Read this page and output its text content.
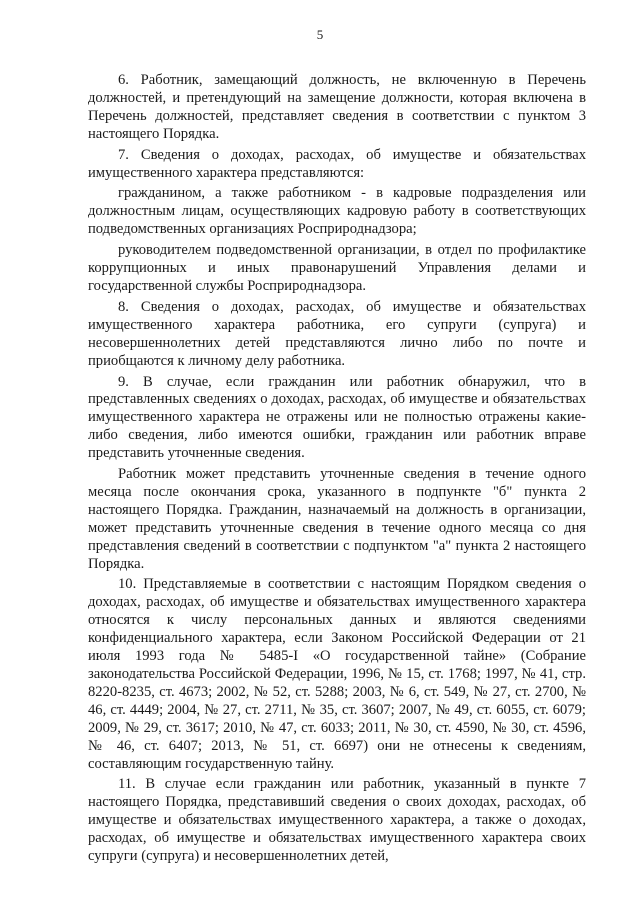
5

6. Работник, замещающий должность, не включенную в Перечень должностей, и претендующий на замещение должности, которая включена в Перечень должностей, представляет сведения в соответствии с пунктом 3 настоящего Порядка.

7. Сведения о доходах, расходах, об имуществе и обязательствах имущественного характера представляются:

гражданином, а также работником - в кадровые подразделения или должностным лицам, осуществляющих кадровую работу в соответствующих подведомственных организациях Росприроднадзора;

руководителем подведомственной организации, в отдел по профилактике коррупционных и иных правонарушений Управления делами и государственной службы Росприроднадзора.

8. Сведения о доходах, расходах, об имуществе и обязательствах имущественного характера работника, его супруги (супруга) и несовершеннолетних детей представляются лично либо по почте и приобщаются к личному делу работника.

9. В случае, если гражданин или работник обнаружил, что в представленных сведениях о доходах, расходах, об имуществе и обязательствах имущественного характера не отражены или не полностью отражены какие-либо сведения, либо имеются ошибки, гражданин или работник вправе представить уточненные сведения.

Работник может представить уточненные сведения в течение одного месяца после окончания срока, указанного в подпункте "б" пункта 2 настоящего Порядка. Гражданин, назначаемый на должность в организации, может представить уточненные сведения в течение одного месяца со дня представления сведений в соответствии с подпунктом "а" пункта 2 настоящего Порядка.

10. Представляемые в соответствии с настоящим Порядком сведения о доходах, расходах, об имуществе и обязательствах имущественного характера относятся к числу персональных данных и являются сведениями конфиденциального характера, если Законом Российской Федерации от 21 июля 1993 года № 5485-I «О государственной тайне» (Собрание законодательства Российской Федерации, 1996, № 15, ст. 1768; 1997, № 41, стр. 8220-8235, ст. 4673; 2002, № 52, ст. 5288; 2003, № 6, ст. 549, № 27, ст. 2700, № 46, ст. 4449; 2004, № 27, ст. 2711, № 35, ст. 3607; 2007, № 49, ст. 6055, ст. 6079; 2009, № 29, ст. 3617; 2010, № 47, ст. 6033; 2011, № 30, ст. 4590, № 30, ст. 4596, № 46, ст. 6407; 2013, № 51, ст. 6697) они не отнесены к сведениям, составляющим государственную тайну.

11. В случае если гражданин или работник, указанный в пункте 7 настоящего Порядка, представивший сведения о своих доходах, расходах, об имуществе и обязательствах имущественного характера, а также о доходах, расходах, об имуществе и обязательствах имущественного характера своих супруги (супруга) и несовершеннолетних детей,
